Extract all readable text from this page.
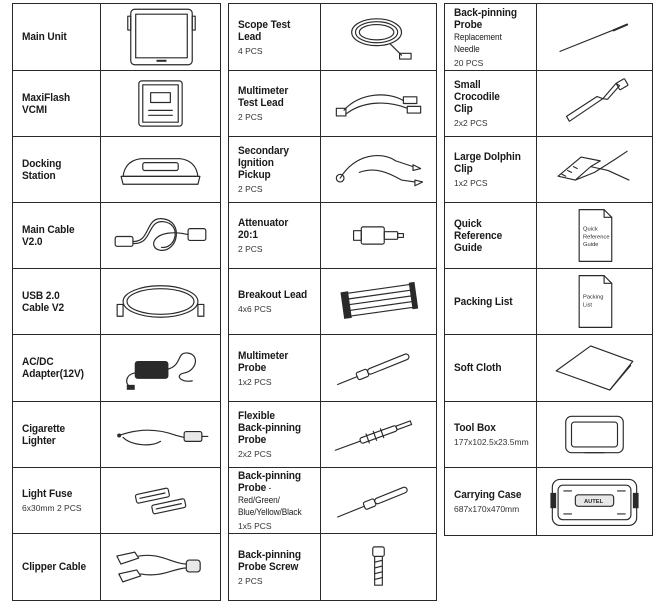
Main Unit
MaxiFlash VCMI
Docking Station
Main Cable V2.0
USB 2.0
Cable V2
AC/DC
Adapter(12V)
Cigarette Lighter
Light Fuse
6x30mm 2 PCS
Clipper Cable
Scope Test Lead
4 PCS
Multimeter
Test Lead
2 PCS
Secondary
Ignition Pickup
2 PCS
Attenuator 20:1
2 PCS
Breakout Lead
4x6 PCS
Multimeter
Probe
1x2 PCS
Flexible
Back-pinning
Probe
2x2 PCS
Back-pinning
Probe - Red/Green/
Blue/Yellow/Black
1x5 PCS
Back-pinning
Probe Screw
2 PCS
Back-pinning
Probe
Replacement
Needle
20 PCS
Small Crocodile
Clip
2x2 PCS
Large Dolphin
Clip
1x2 PCS
Quick Reference
Guide
Quick
Reference
Guide
Packing List	Packing
List
Soft Cloth
Tool Box
177x102.5x23.5mm
Carrying Case
687x170x470mm
AUTEL
